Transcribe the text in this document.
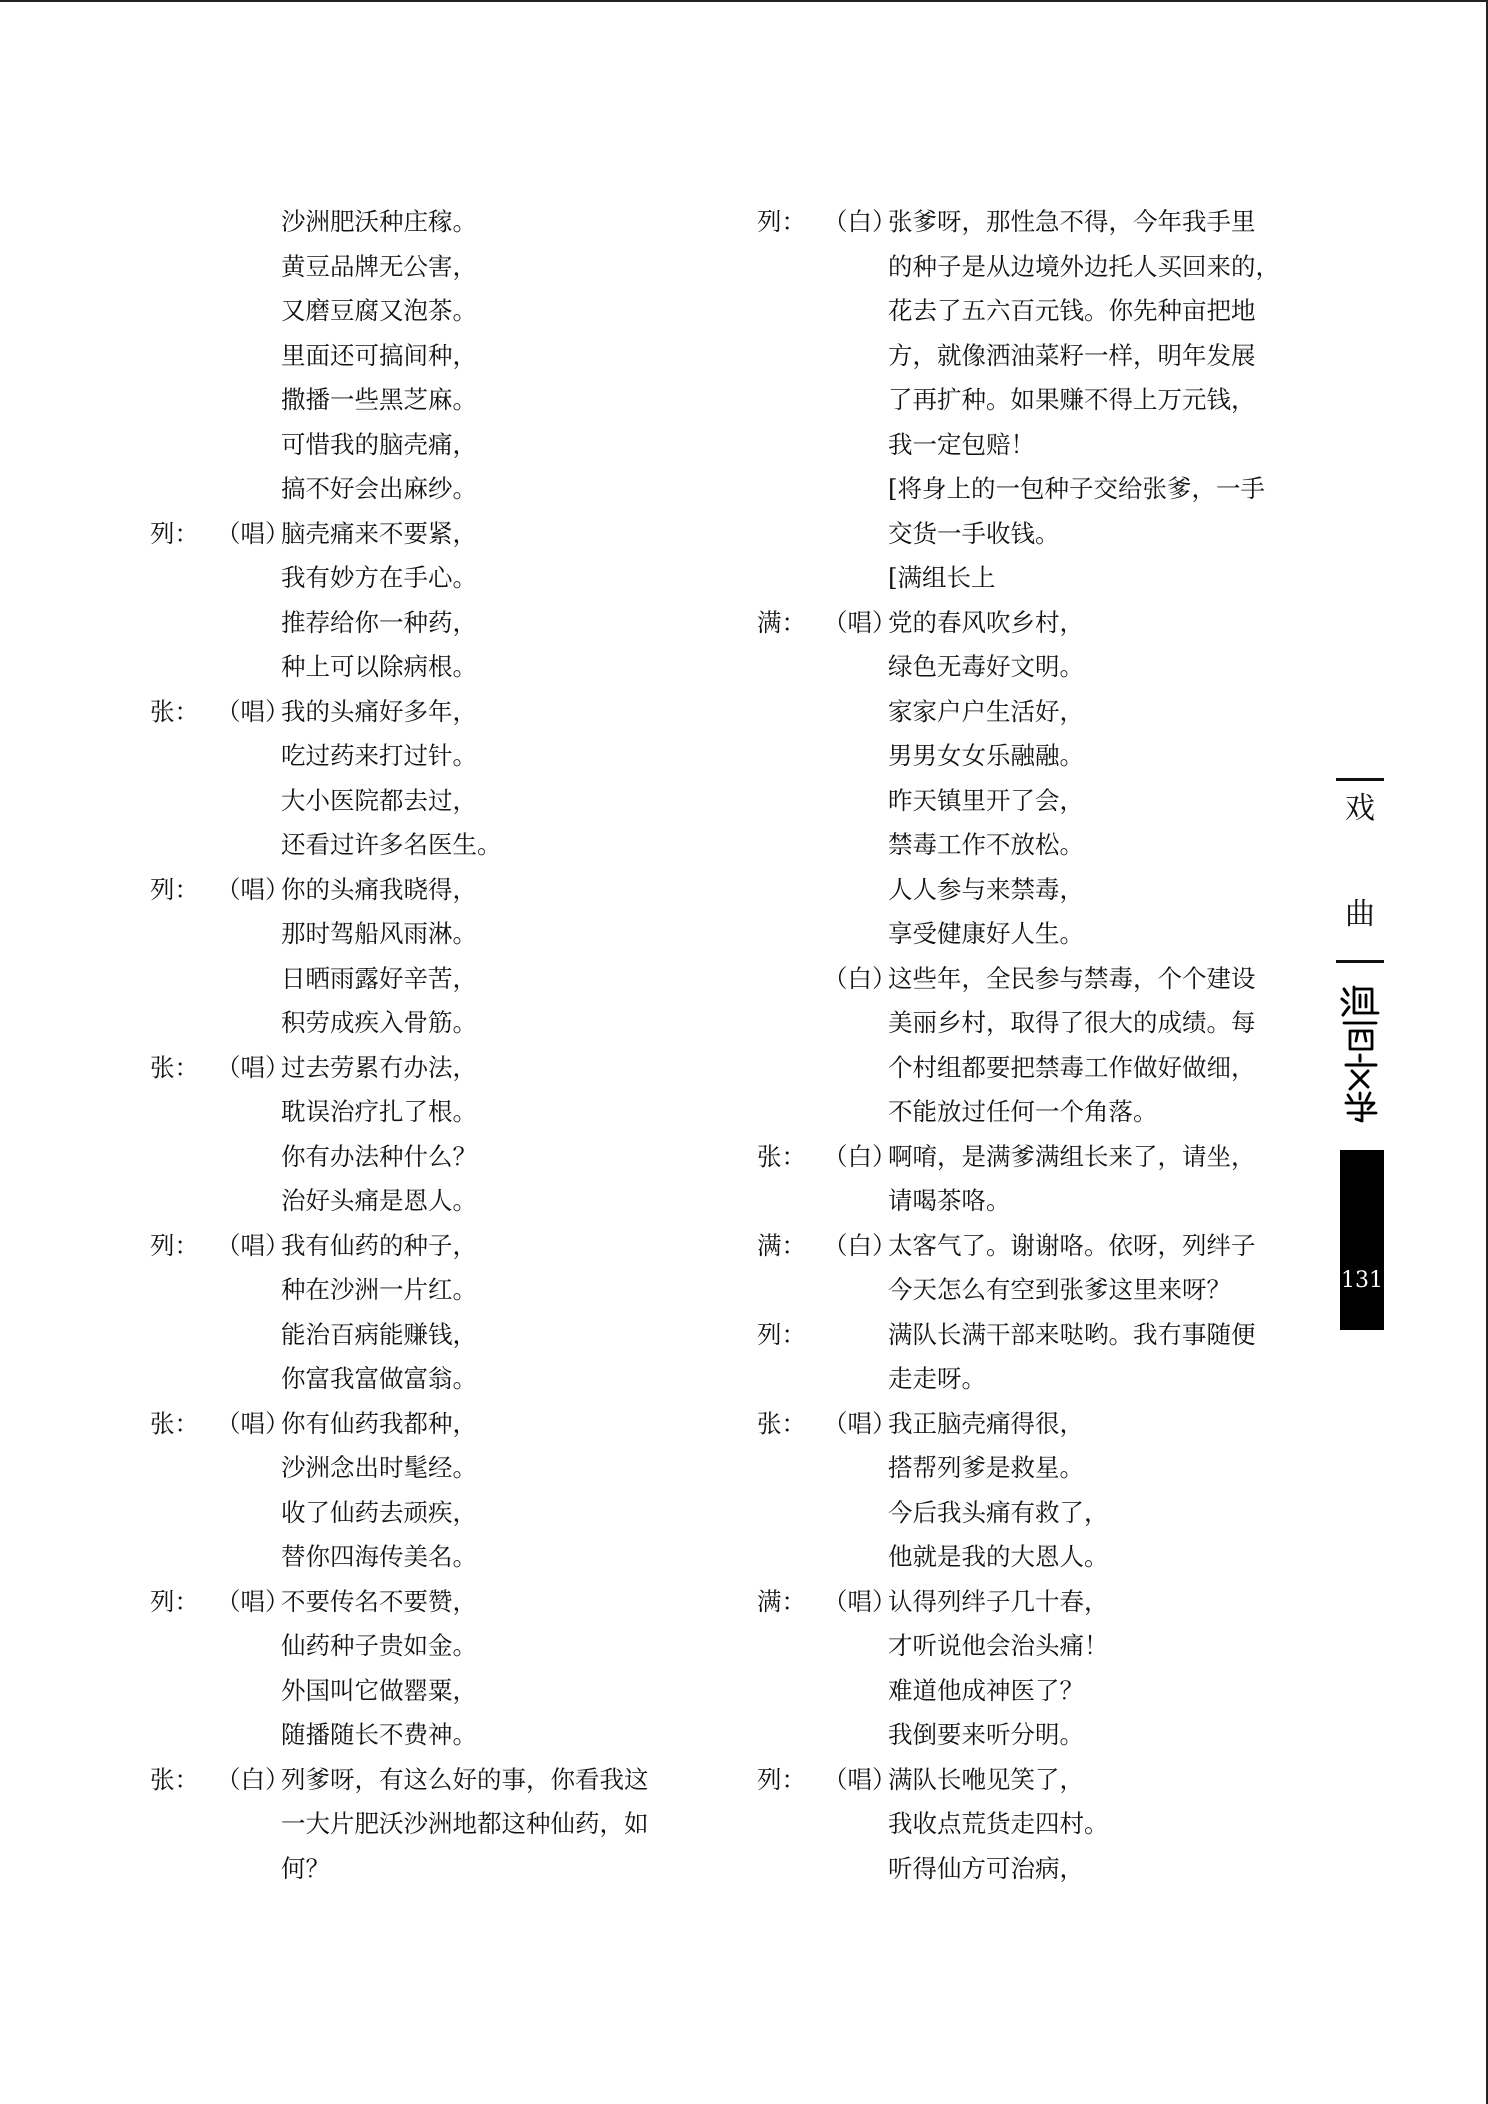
沙洲肥沃种庄稼。
黄豆品牌无公害，
又磨豆腐又泡茶。
里面还可搞间种，
撒播一些黑芝麻。
可惜我的脑壳痛，
搞不好会出麻纱。
列： （唱）
脑壳痛来不要紧，
我有妙方在手心。
推荐给你一种药，
种上可以除病根。
张： （唱）
我的头痛好多年，
吃过药来打过针。
大小医院都去过，
还看过许多名医生。
列： （唱）
你的头痛我晓得，
那时驾船风雨淋。
日晒雨露好辛苦，
积劳成疾入骨筋。
张： （唱）
过去劳累冇办法，
耽误治疗扎了根。
你有办法种什么？
治好头痛是恩人。
列： （唱）
我有仙药的种子，
种在沙洲一片红。
能治百病能赚钱，
你富我富做富翁。
张： （唱）
你有仙药我都种，
沙洲念出时髦经。
收了仙药去顽疾，
替你四海传美名。
列： （唱）
不要传名不要赞，
仙药种子贵如金。
外国叫它做罂粟，
随播随长不费神。
张： （白）
列爹呀，有这么好的事，你看我这
一大片肥沃沙洲地都这种仙药，如
何？
列： （白）
张爹呀，那性急不得，今年我手里
的种子是从边境外边托人买回来的，
花去了五六百元钱。你先种亩把地
方，就像洒油菜籽一样，明年发展
了再扩种。如果赚不得上万元钱，
我一定包赔！
[将身上的一包种子交给张爹，一手
交货一手收钱。
[满组长上
满： （唱）
党的春风吹乡村，
绿色无毒好文明。
家家户户生活好，
男男女女乐融融。
昨天镇里开了会，
禁毒工作不放松。
人人参与来禁毒，
享受健康好人生。
（白）
这些年，全民参与禁毒，个个建设
美丽乡村，取得了很大的成绩。每
个村组都要把禁毒工作做好做细，
不能放过任何一个角落。
张： （白）
啊唷，是满爹满组长来了，请坐，
请喝茶咯。
满： （白）
太客气了。谢谢咯。依呀，列绊子
今天怎么有空到张爹这里来呀？
列：	满队长满干部来哒哟。我冇事随便
走走呀。
张： （唱）
我正脑壳痛得很，
搭帮列爹是救星。
今后我头痛有救了，
他就是我的大恩人。
满： （唱）
认得列绊子几十春，
才听说他会治头痛！
难道他成神医了？
我倒要来听分明。
列： （唱）
满队长咃见笑了，
我收点荒货走四村。
听得仙方可治病，
戏
曲
131
